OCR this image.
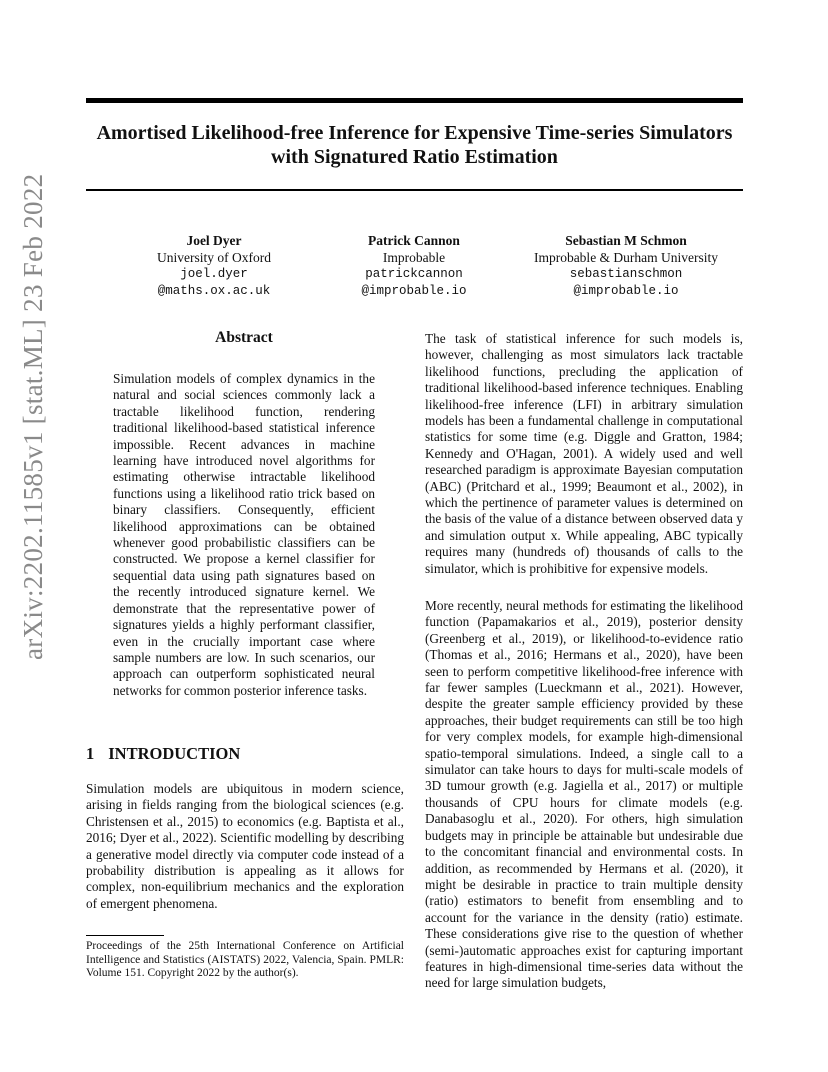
Amortised Likelihood-free Inference for Expensive Time-series Simulators with Signatured Ratio Estimation
arXiv:2202.11585v1 [stat.ML] 23 Feb 2022	Joel Dyer
University of Oxford
joel.dyer
@maths.ox.ac.uk
Patrick Cannon
Improbable
patrickcannon
@improbable.io
Sebastian M Schmon
Improbable & Durham University
sebastianschmon
@improbable.io
Abstract
Simulation models of complex dynamics in the natural and social sciences commonly lack a tractable likelihood function, rendering traditional likelihood-based statistical inference impossible. Recent advances in machine learning have introduced novel algorithms for estimating otherwise intractable likelihood functions using a likelihood ratio trick based on binary classifiers. Consequently, efficient likelihood approximations can be obtained whenever good probabilistic classifiers can be constructed. We propose a kernel classifier for sequential data using path signatures based on the recently introduced signature kernel. We demonstrate that the representative power of signatures yields a highly performant classifier, even in the crucially important case where sample numbers are low. In such scenarios, our approach can outperform sophisticated neural networks for common posterior inference tasks.
1 INTRODUCTION
Simulation models are ubiquitous in modern science, arising in fields ranging from the biological sciences (e.g. Christensen et al., 2015) to economics (e.g. Baptista et al., 2016; Dyer et al., 2022). Scientific modelling by describing a generative model directly via computer code instead of a probability distribution is appealing as it allows for complex, non-equilibrium mechanics and the exploration of emergent phenomena.
Proceedings of the 25th International Conference on Artificial Intelligence and Statistics (AISTATS) 2022, Valencia, Spain. PMLR: Volume 151. Copyright 2022 by the author(s).
The task of statistical inference for such models is, however, challenging as most simulators lack tractable likelihood functions, precluding the application of traditional likelihood-based inference techniques. Enabling likelihood-free inference (LFI) in arbitrary simulation models has been a fundamental challenge in computational statistics for some time (e.g. Diggle and Gratton, 1984; Kennedy and O'Hagan, 2001). A widely used and well researched paradigm is approximate Bayesian computation (ABC) (Pritchard et al., 1999; Beaumont et al., 2002), in which the pertinence of parameter values is determined on the basis of the value of a distance between observed data y and simulation output x. While appealing, ABC typically requires many (hundreds of) thousands of calls to the simulator, which is prohibitive for expensive models.
More recently, neural methods for estimating the likelihood function (Papamakarios et al., 2019), posterior density (Greenberg et al., 2019), or likelihood-to-evidence ratio (Thomas et al., 2016; Hermans et al., 2020), have been seen to perform competitive likelihood-free inference with far fewer samples (Lueckmann et al., 2021). However, despite the greater sample efficiency provided by these approaches, their budget requirements can still be too high for very complex models, for example high-dimensional spatio-temporal simulations. Indeed, a single call to a simulator can take hours to days for multi-scale models of 3D tumour growth (e.g. Jagiella et al., 2017) or multiple thousands of CPU hours for climate models (e.g. Danabasoglu et al., 2020). For others, high simulation budgets may in principle be attainable but undesirable due to the concomitant financial and environmental costs. In addition, as recommended by Hermans et al. (2020), it might be desirable in practice to train multiple density (ratio) estimators to benefit from ensembling and to account for the variance in the density (ratio) estimate. These considerations give rise to the question of whether (semi-)automatic approaches exist for capturing important features in high-dimensional time-series data without the need for large simulation budgets,
